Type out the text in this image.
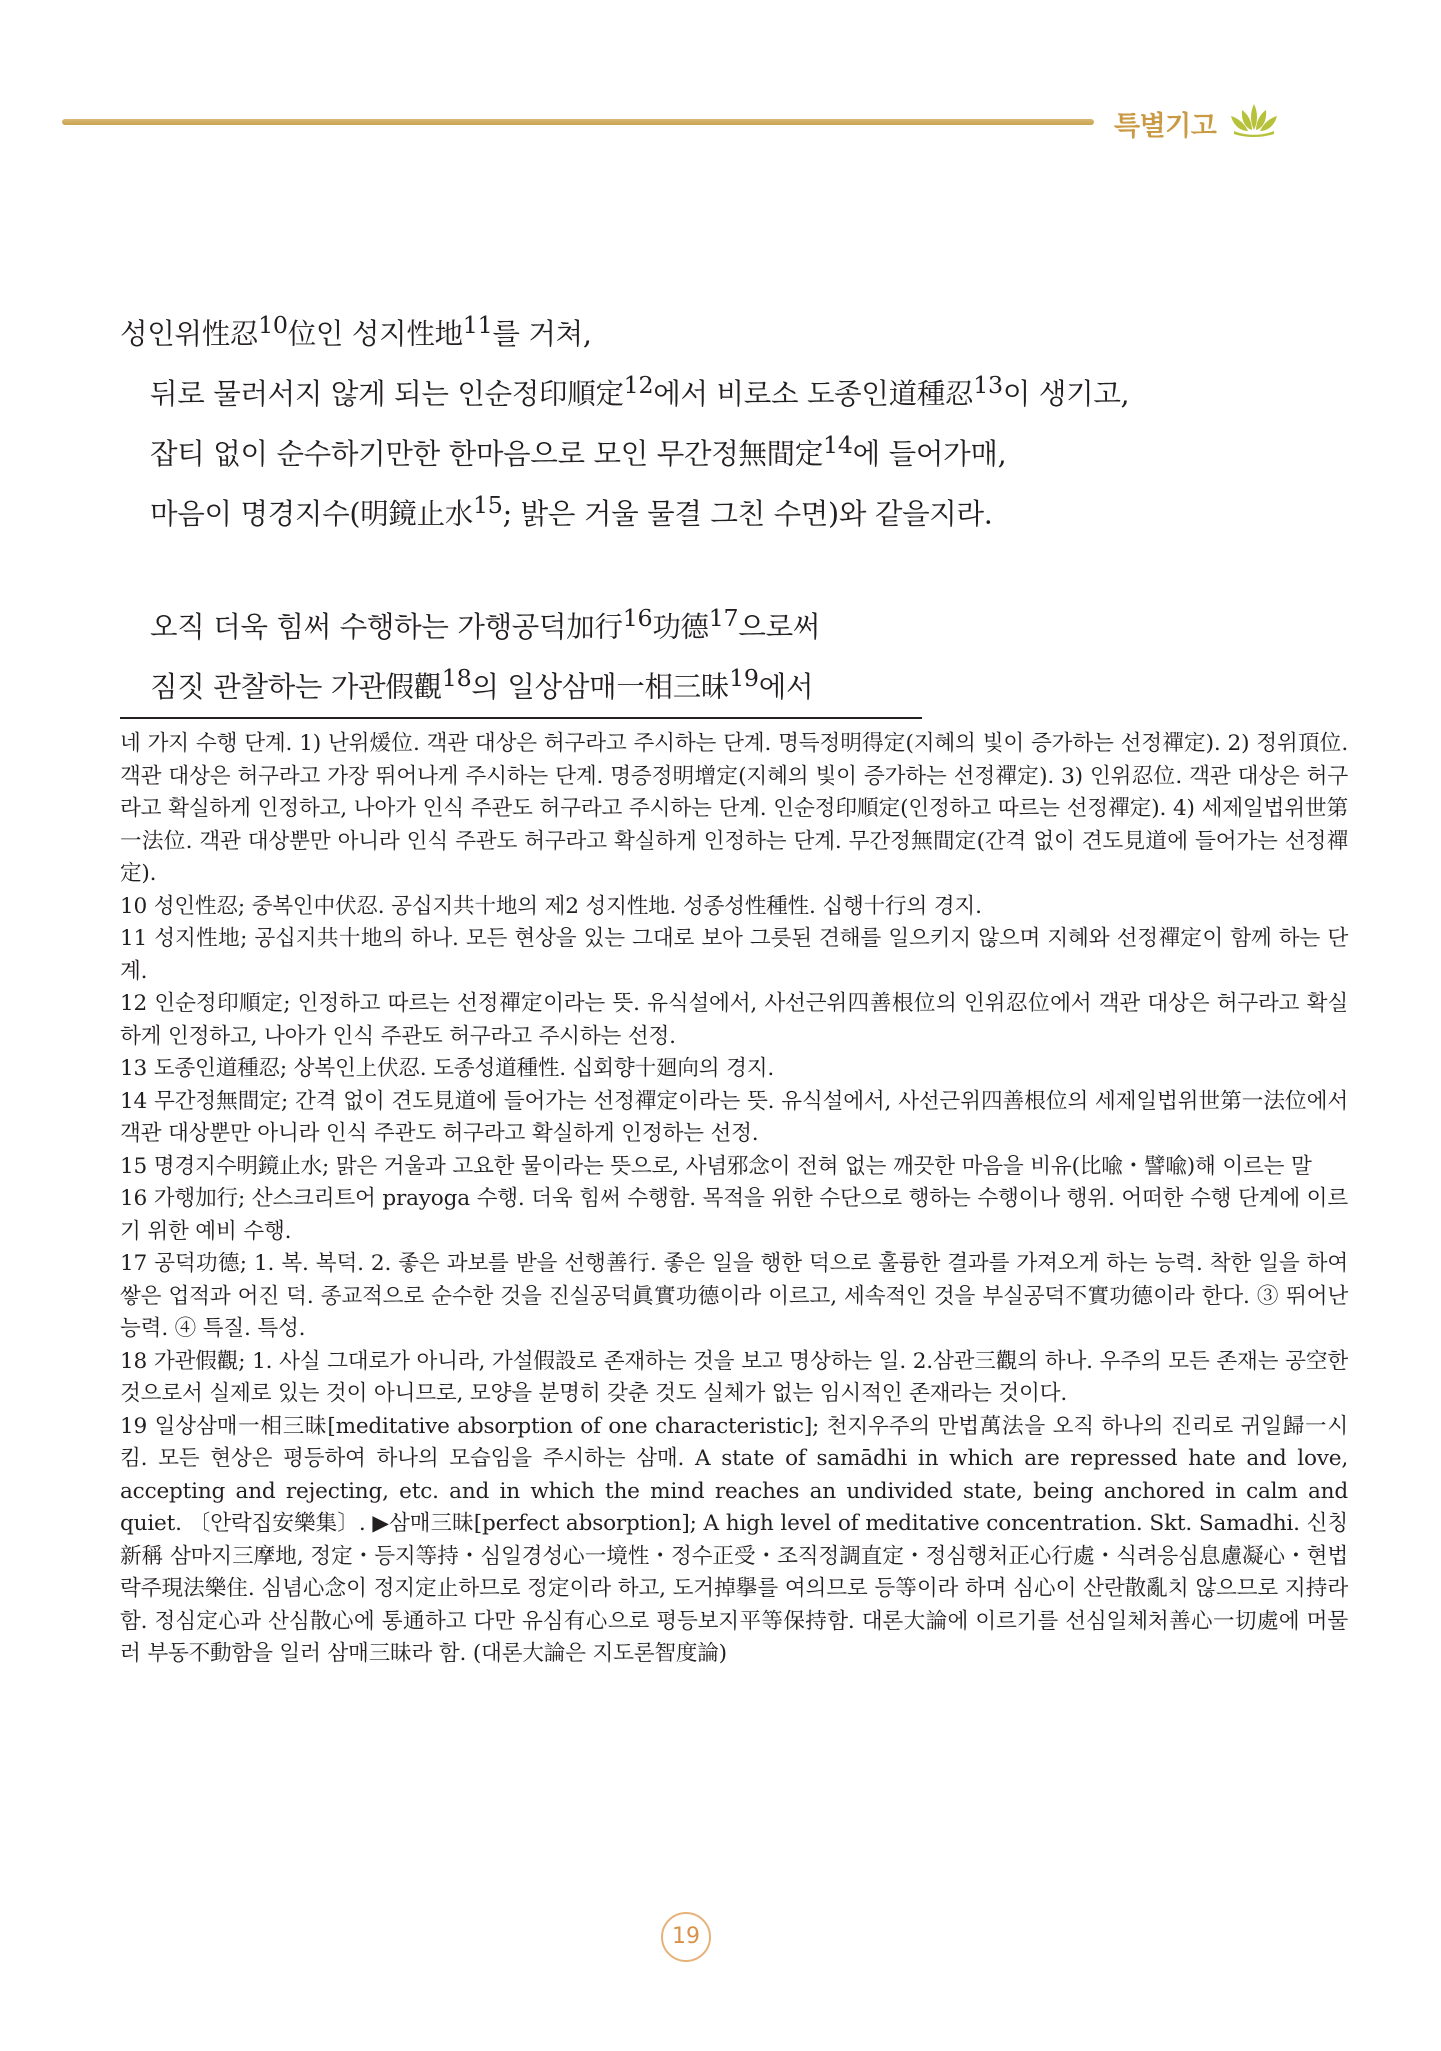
특별기고
성인위性忍$^{10}$位인 성지性地$^{11}$를 거쳐,
뒤로 물러서지 않게 되는 인순정印順定$^{12}$에서 비로소 도종인道種忍$^{13}$이 생기고,
잡티 없이 순수하기만한 한마음으로 모인 무간정無間定$^{14}$에 들어가매,
마음이 명경지수(明鏡止水$^{15}$; 밝은 거울 물결 그친 수면)와 같을지라.
오직 더욱 힘써 수행하는 가행공덕加行$^{16}$功德$^{17}$으로써
짐짓 관찰하는 가관假觀$^{18}$의 일상삼매一相三昧$^{19}$에서

네 가지 수행 단계. 1) 난위煖位. 객관 대상은 허구라고 주시하는 단계. 명득정明得定(지혜의 빛이 증가하는 선정禪定). 2) 정위頂位. 객관 대상은 허구라고 가장 뛰어나게 주시하는 단계. 명증정明增定(지혜의 빛이 증가하는 선정禪定). 3) 인위忍位. 객관 대상은 허구라고 확실하게 인정하고, 나아가 인식 주관도 허구라고 주시하는 단계. 인순정印順定(인정하고 따르는 선정禪定). 4) 세제일법위世第一法位. 객관 대상뿐만 아니라 인식 주관도 허구라고 확실하게 인정하는 단계. 무간정無間定(간격 없이 견도見道에 들어가는 선정禪定).

10 성인性忍; 중복인中伏忍. 공십지共十地의 제2 성지性地. 성종성性種性. 십행十行의 경지.

11 성지性地; 공십지共十地의 하나. 모든 현상을 있는 그대로 보아 그릇된 견해를 일으키지 않으며 지혜와 선정禪定이 함께 하는 단계.

12 인순정印順定; 인정하고 따르는 선정禪定이라는 뜻. 유식설에서, 사선근위四善根位의 인위忍位에서 객관 대상은 허구라고 확실하게 인정하고, 나아가 인식 주관도 허구라고 주시하는 선정.

13 도종인道種忍; 상복인上伏忍. 도종성道種性. 십회향十廻向의 경지.

14 무간정無間定; 간격 없이 견도見道에 들어가는 선정禪定이라는 뜻. 유식설에서, 사선근위四善根位의 세제일법위世第一法位에서 객관 대상뿐만 아니라 인식 주관도 허구라고 확실하게 인정하는 선정.

15 명경지수明鏡止水; 맑은 거울과 고요한 물이라는 뜻으로, 사념邪念이 전혀 없는 깨끗한 마음을 비유(比喩・譬喩)해 이르는 말

16 가행加行; 산스크리트어 prayoga 수행. 더욱 힘써 수행함. 목적을 위한 수단으로 행하는 수행이나 행위. 어떠한 수행 단계에 이르기 위한 예비 수행.

17 공덕功德; 1. 복. 복덕. 2. 좋은 과보를 받을 선행善行. 좋은 일을 행한 덕으로 훌륭한 결과를 가져오게 하는 능력. 착한 일을 하여 쌓은 업적과 어진 덕. 종교적으로 순수한 것을 진실공덕眞實功德이라 이르고, 세속적인 것을 부실공덕不實功德이라 한다. ③ 뛰어난 능력. ④ 특질. 특성.

18 가관假觀; 1. 사실 그대로가 아니라, 가설假設로 존재하는 것을 보고 명상하는 일. 2.삼관三觀의 하나. 우주의 모든 존재는 공空한 것으로서 실제로 있는 것이 아니므로, 모양을 분명히 갖춘 것도 실체가 없는 임시적인 존재라는 것이다.

19 일상삼매一相三昧[meditative absorption of one characteristic]; 천지우주의 만법萬法을 오직 하나의 진리로 귀일歸一시킴. 모든 현상은 평등하여 하나의 모습임을 주시하는 삼매. A state of samādhi in which are repressed hate and love, accepting and rejecting, etc. and in which the mind reaches an undivided state, being anchored in calm and quiet. 〔안락집安樂集〕. ▶삼매三昧[perfect absorption]; A high level of meditative concentration. Skt. Samadhi. 신칭新稱 삼마지三摩地, 정定・등지等持・심일경성心一境性・정수正受・조직정調直定・정심행처正心行處・식려응심息慮凝心・현법락주現法樂住. 심념心念이 정지定止하므로 정定이라 하고, 도거掉擧를 여의므로 등等이라 하며 심心이 산란散亂치 않으므로 지持라 함. 정심定心과 산심散心에 통通하고 다만 유심有心으로 평등보지平等保持함. 대론大論에 이르기를 선심일체처善心一切處에 머물러 부동不動함을 일러 삼매三昧라 함. (대론大論은 지도론智度論)

19
